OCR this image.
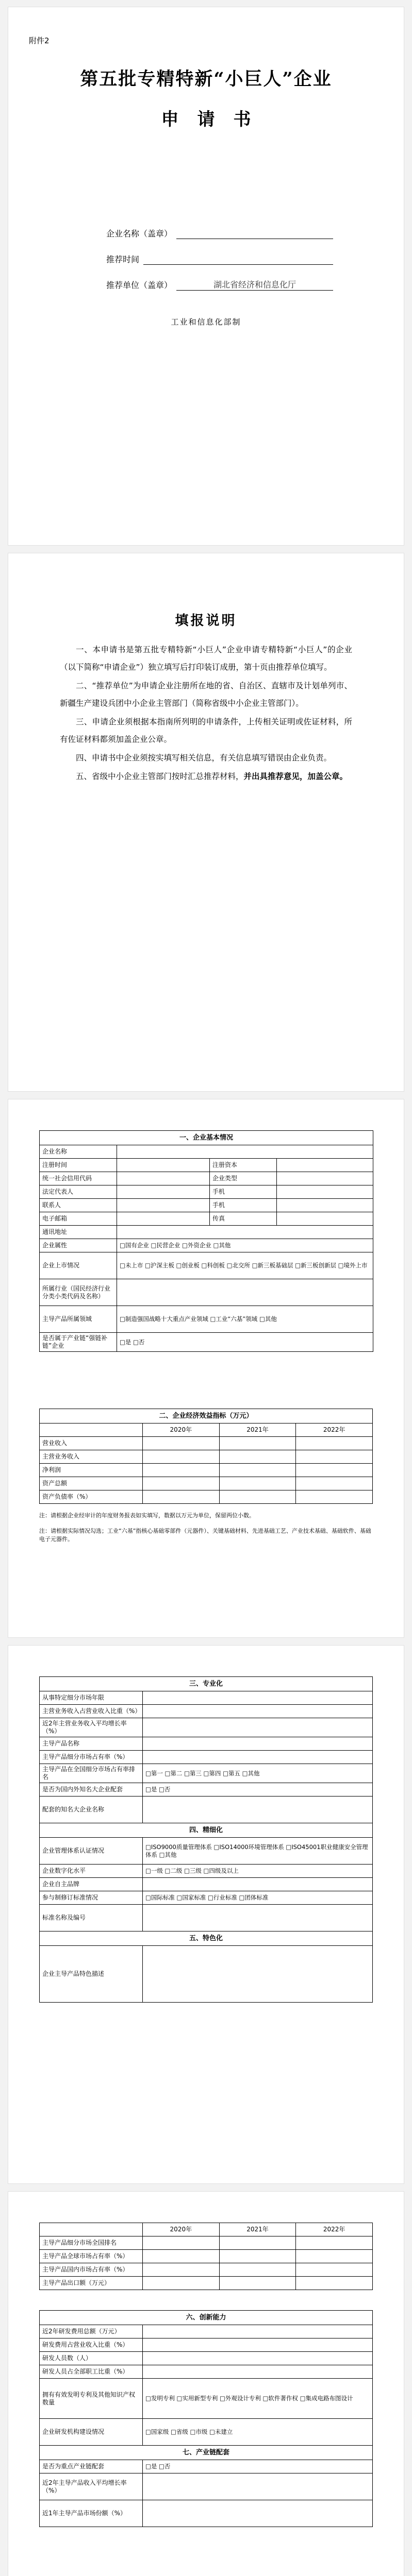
附件2
第五批专精特新“小巨人”企业
申请书
企业名称（盖章）
推荐时间
推荐单位（盖章）	湖北省经济和信息化厅
工业和信息化部制
填报说明

一、本申请书是第五批专精特新“小巨人”企业申请专精特新“小巨人”的企业（以下简称“申请企业”）独立填写后打印装订成册，第十页由推荐单位填写。

二、“推荐单位”为申请企业注册所在地的省、自治区、直辖市及计划单列市、新疆生产建设兵团中小企业主管部门（简称省级中小企业主管部门）。

三、申请企业须根据本指南所列明的申请条件，上传相关证明或佐证材料，所有佐证材料都须加盖企业公章。

四、申请书中企业须按实填写相关信息，有关信息填写错误由企业负责。

五、省级中小企业主管部门按时汇总推荐材料，并出具推荐意见，加盖公章。

一、企业基本情况			
企业名称			
注册时间		注册资本	
统一社会信用代码		企业类型	
法定代表人		手机	
联系人		手机	
电子邮箱		传真	
通讯地址			
企业属性	□国有企业 □民营企业 □外资企业 □其他		
企业上市情况	□未上市 □沪深主板 □创业板 □科创板 □北交所 □新三板基础层 □新三板创新层 □境外上市		
所属行业（国民经济行业分类小类代码及名称）			
主导产品所属领域	□制造强国战略十大重点产业领域 □工业“六基”领域 □其他		
是否属于产业链“强链补链”企业	□是 □否		
二、企业经济效益指标（万元）			
	2020年	2021年	2022年
营业收入			
主营业务收入			
净利润			
资产总额			
资产负债率（%）			
注：请根据企业经审计的年度财务报表如实填写，数据以万元为单位，保留两位小数。
注：请根据实际情况勾选；工业“六基”指核心基础零部件（元器件）、关键基础材料、先进基础工艺、产业技术基础、基础软件、基础电子元器件。
三、专业化	
从事特定细分市场年限	
主营业务收入占营业收入比重（%）	
近2年主营业务收入平均增长率（%）	
主导产品名称	
主导产品细分市场占有率（%）	
主导产品在全国细分市场占有率排名	□第一 □第二 □第三 □第四 □第五 □其他
是否为国内外知名大企业配套	□是 □否
配套的知名大企业名称	
四、精细化	
企业管理体系认证情况	□ISO9000质量管理体系 □ISO14000环境管理体系 □ISO45001职业健康安全管理体系 □其他
企业数字化水平	□一级 □二级 □三级 □四级及以上
企业自主品牌	
参与制修订标准情况	□国际标准 □国家标准 □行业标准 □团体标准
标准名称及编号	
五、特色化	
企业主导产品特色描述	
	2020年	2021年	2022年
主导产品细分市场全国排名			
主导产品全球市场占有率（%）			
主导产品国内市场占有率（%）			
主导产品出口额（万元）			
六、创新能力	
近2年研发费用总额（万元）	
研发费用占营业收入比重（%）	
研发人员数（人）	
研发人员占全部职工比重（%）	
拥有有效发明专利及其他知识产权数量	□发明专利 □实用新型专利 □外观设计专利 □软件著作权 □集成电路布图设计
企业研发机构建设情况	□国家级 □省级 □市级 □未建立
七、产业链配套	
是否为重点产业链配套	□是 □否
近2年主导产品收入平均增长率（%）	
近1年主导产品市场份额（%）	
